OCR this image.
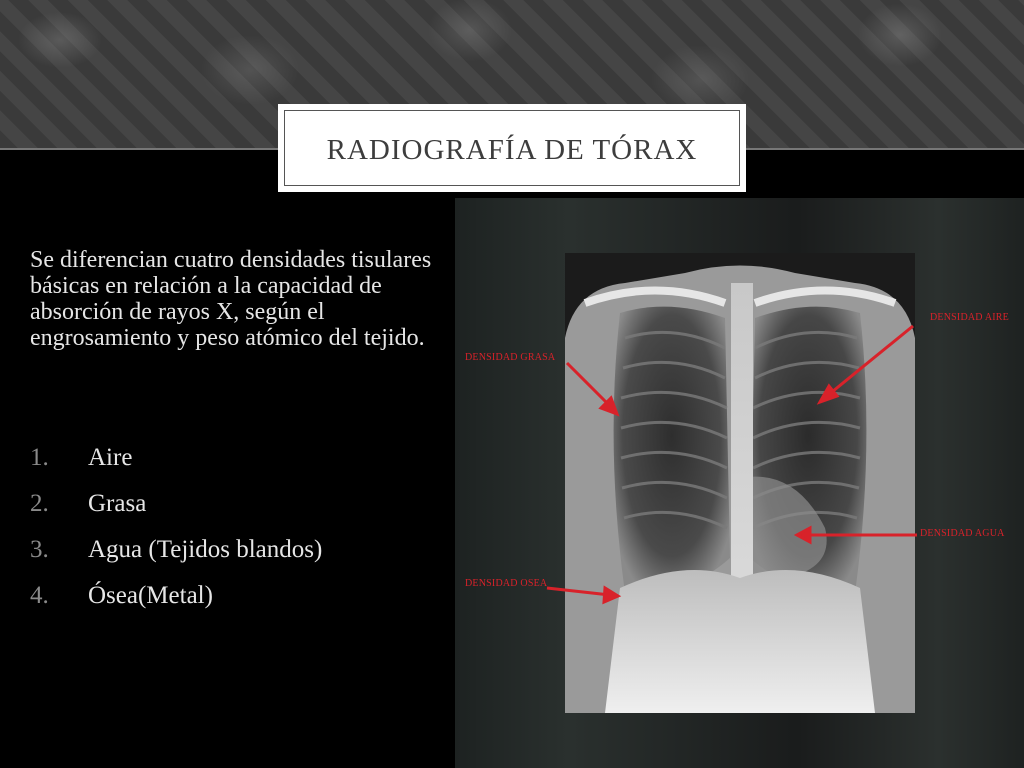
RADIOGRAFÍA DE TÓRAX

Se diferencian cuatro densidades tisulares básicas en relación a la capacidad de absorción de rayos X, según el engrosamiento y peso atómico del tejido.

1. Aire
2. Grasa
3. Agua (Tejidos blandos)
4. Ósea(Metal)
DENSIDAD AIRE
DENSIDAD GRASA
DENSIDAD AGUA
DENSIDAD OSEA
